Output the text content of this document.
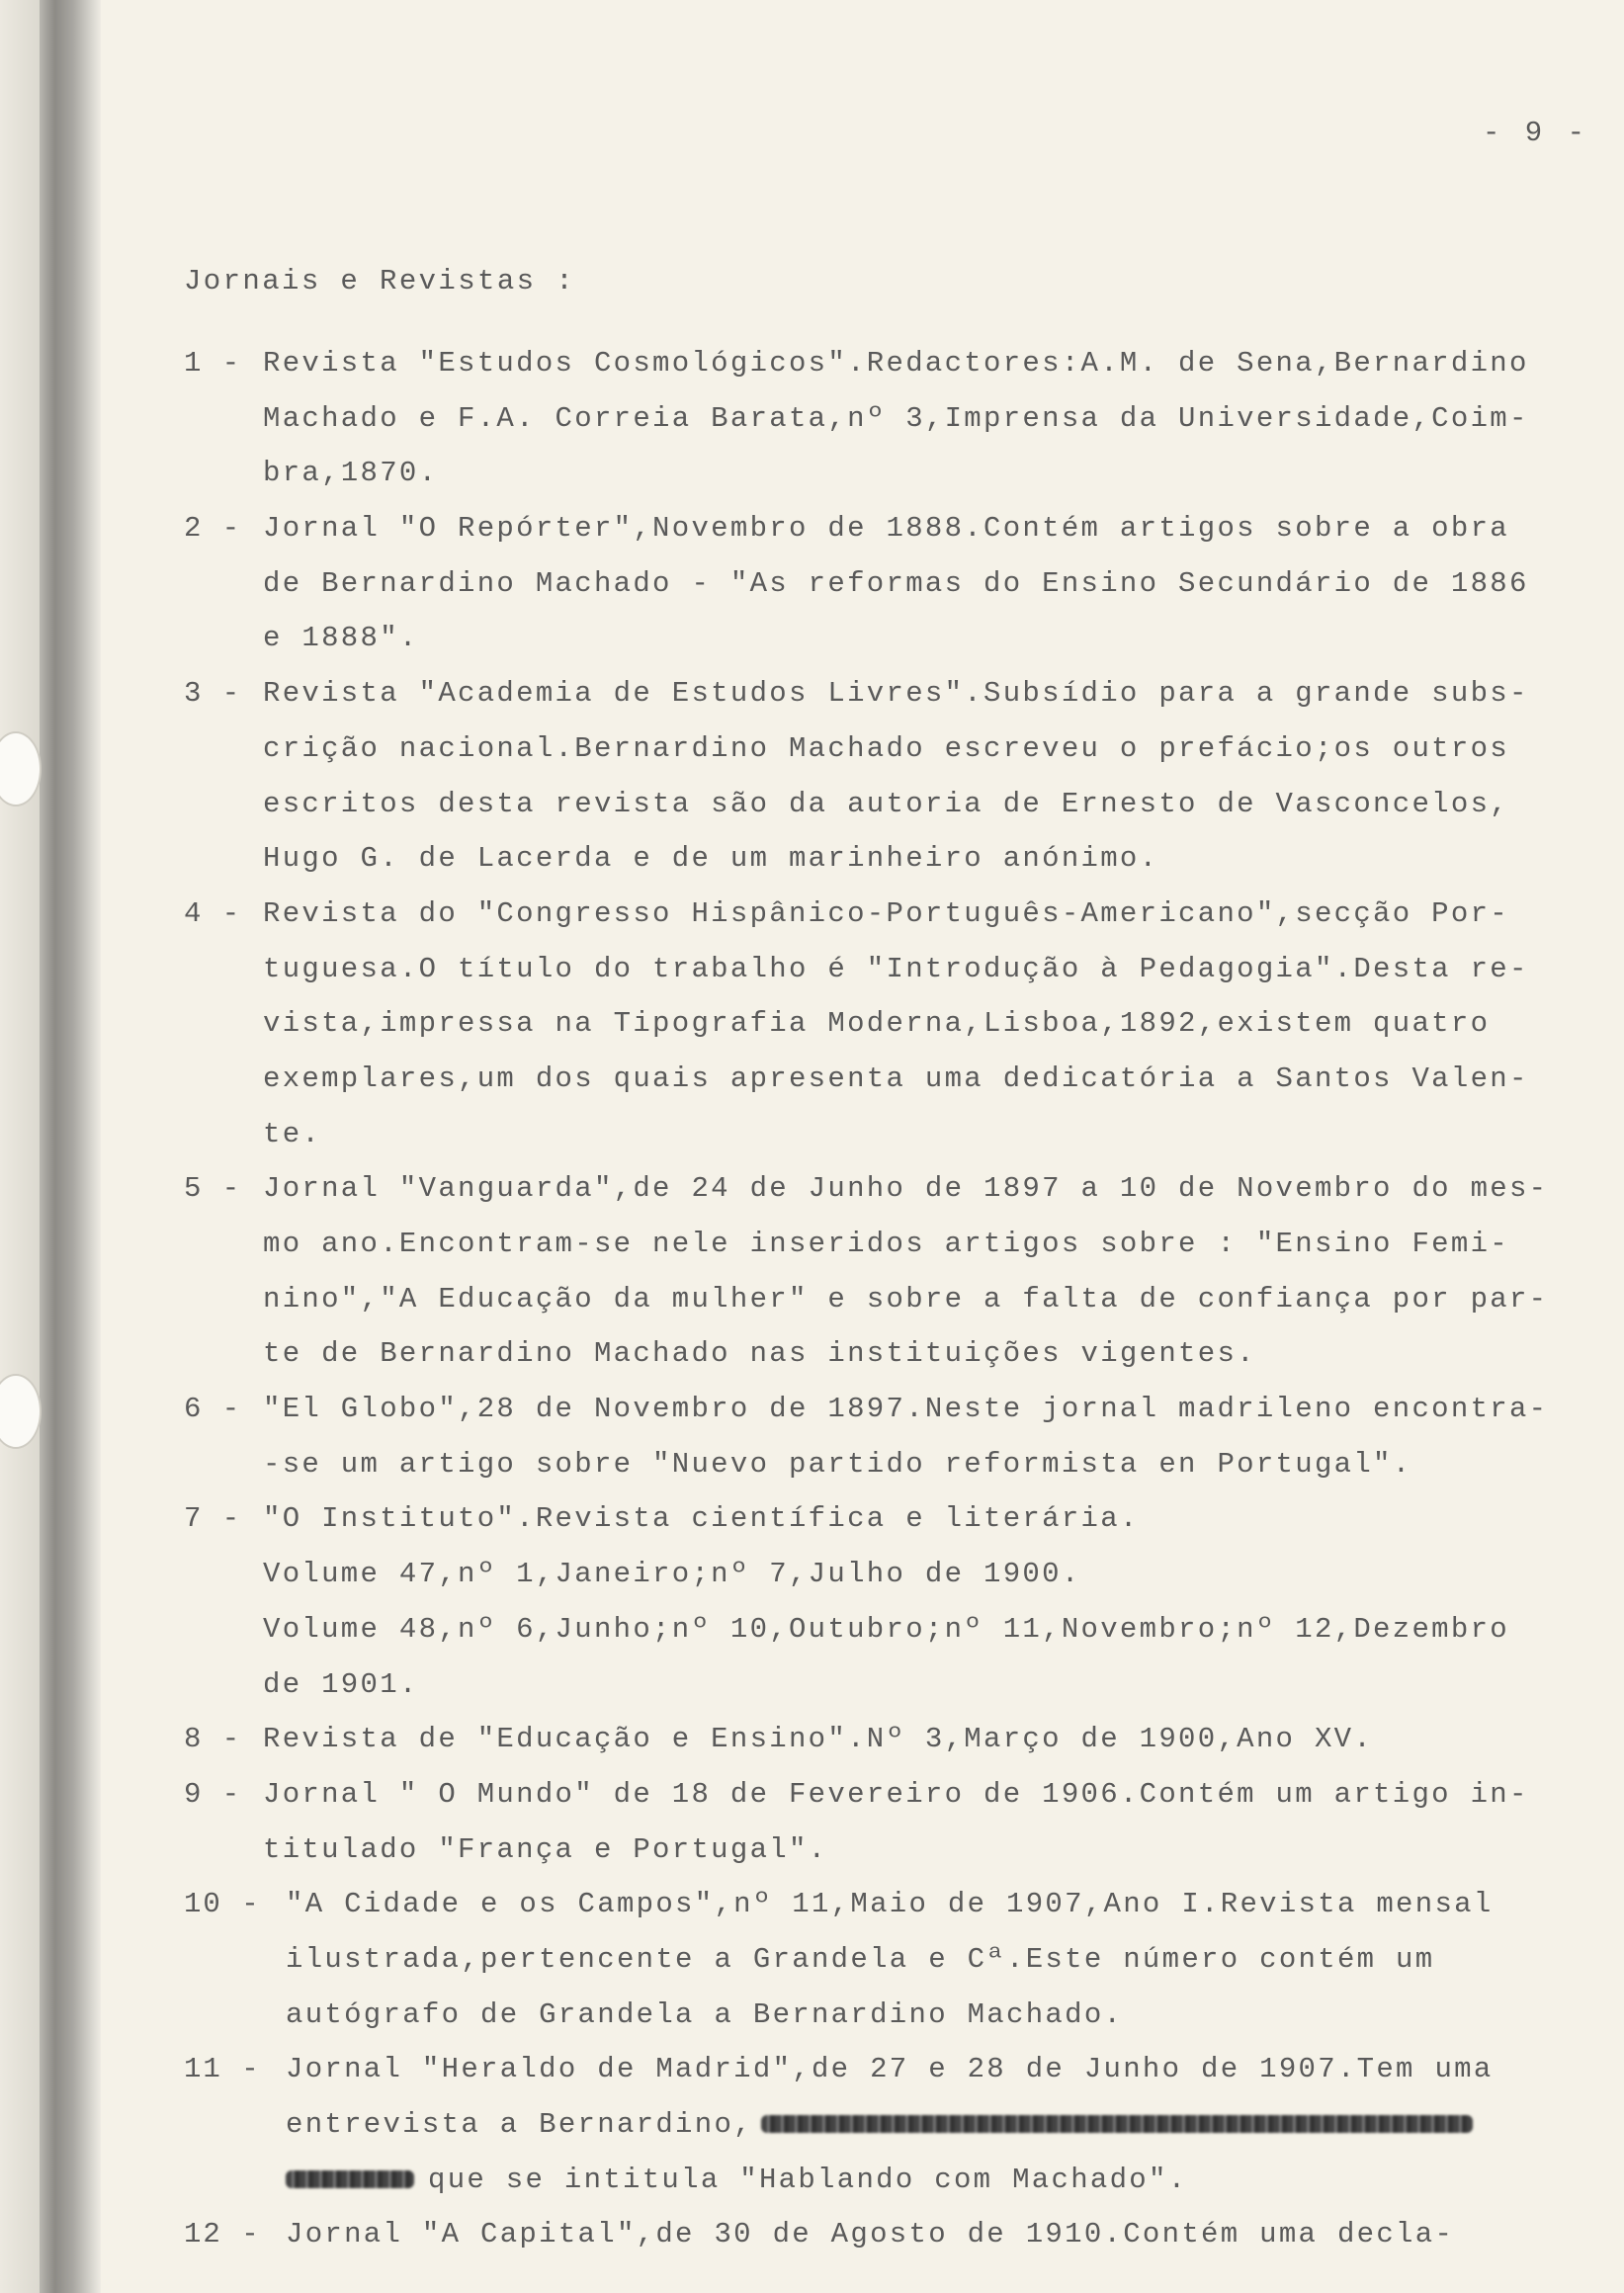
- 9 -
Jornais e Revistas :
1 - Revista "Estudos Cosmológicos".Redactores:A.M. de Sena,Bernardino
Machado e F.A. Correia Barata,nº 3,Imprensa da Universidade,Coim-
bra,1870.
2 - Jornal "O Repórter",Novembro de 1888.Contém artigos sobre a obra
de Bernardino Machado - "As reformas do Ensino Secundário de 1886
e 1888".
3 - Revista "Academia de Estudos Livres".Subsídio para a grande subs-
crição nacional.Bernardino Machado escreveu o prefácio;os outros
escritos desta revista são da autoria de Ernesto de Vasconcelos,
Hugo G. de Lacerda e de um marinheiro anónimo.
4 - Revista do "Congresso Hispânico-Português-Americano",secção Por-
tuguesa.O título do trabalho é "Introdução à Pedagogia".Desta re-
vista,impressa na Tipografia Moderna,Lisboa,1892,existem quatro
exemplares,um dos quais apresenta uma dedicatória a Santos Valen-
te.
5 - Jornal "Vanguarda",de 24 de Junho de 1897 a 10 de Novembro do mes-
mo ano.Encontram-se nele inseridos artigos sobre : "Ensino Femi-
nino","A Educação da mulher" e sobre a falta de confiança por par-
te de Bernardino Machado nas instituições vigentes.
6 - "El Globo",28 de Novembro de 1897.Neste jornal madrileno encontra-
-se um artigo sobre "Nuevo partido reformista en Portugal".
7 - "O Instituto".Revista científica e literária.
Volume 47,nº 1,Janeiro;nº 7,Julho de 1900.
Volume 48,nº 6,Junho;nº 10,Outubro;nº 11,Novembro;nº 12,Dezembro
de 1901.
8 - Revista de "Educação e Ensino".Nº 3,Março de 1900,Ano XV.
9 - Jornal " O Mundo" de 18 de Fevereiro de 1906.Contém um artigo in-
titulado "França e Portugal".
10 - "A Cidade e os Campos",nº 11,Maio de 1907,Ano I.Revista mensal
ilustrada,pertencente a Grandela e Cª.Este número contém um
autógrafo de Grandela a Bernardino Machado.
11 - Jornal "Heraldo de Madrid",de 27 e 28 de Junho de 1907.Tem uma
entrevista a Bernardino,
que se intitula "Hablando com Machado".
12 - Jornal "A Capital",de 30 de Agosto de 1910.Contém uma decla-
